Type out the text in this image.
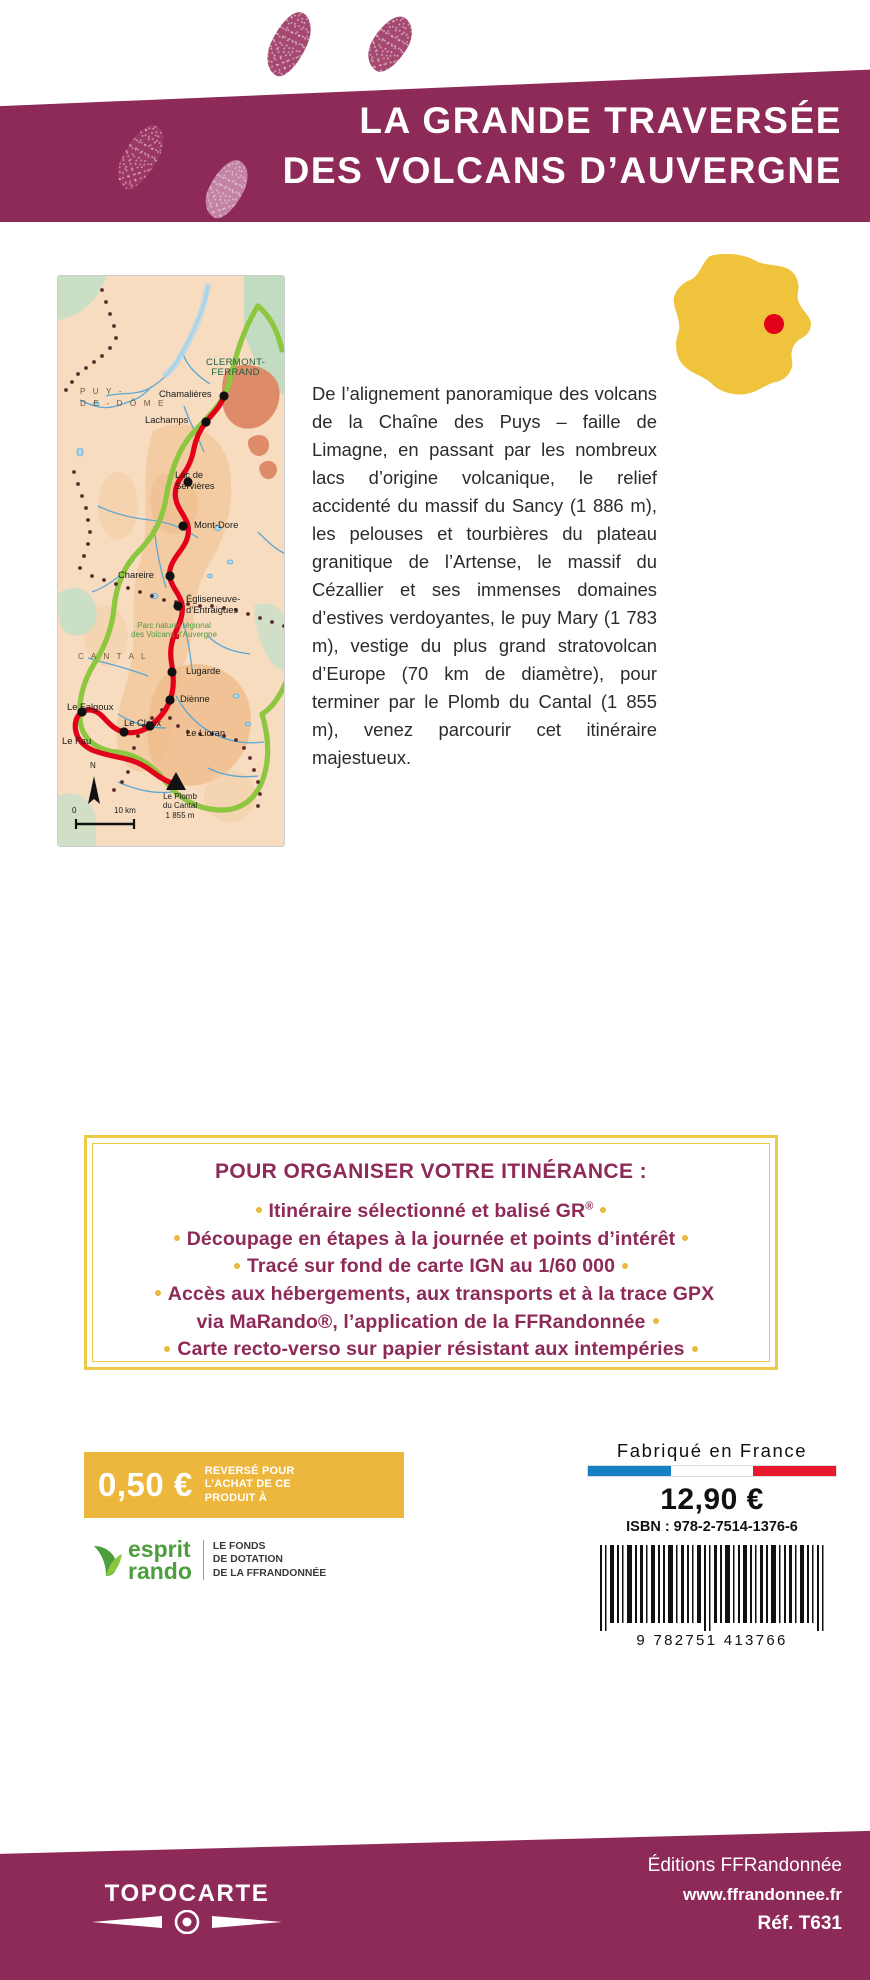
LA GRANDE TRAVERSÉE
DES VOLCANS D’AUVERGNE
CLERMONT-
FERRAND
Chamalières
Lachamps
Lac de
Servières
Mont-Dore
Chareire
Égliseneuve-
d’Entraigues
Lugarde
Le Falgoux
Diènne
Le Claux
Le Fau
Le Lioran
P U Y -
D E - D Ô M E
C A N T A L
Parc naturel régional
des Volcans d’Auvergne
Le Plomb
du Cantal
1 855 m
N
0	10 km
De l’alignement panoramique des volcans de la Chaîne des Puys – faille de Limagne, en passant par les nombreux lacs d’origine volcanique, le relief accidenté du massif du Sancy (1 886 m), les pelouses et tourbières du plateau granitique de l’Artense, le massif du Cézallier et ses immenses domaines d’estives verdoyantes, le puy Mary (1 783 m), vestige du plus grand stratovolcan d’Europe (70 km de diamètre), pour terminer par le Plomb du Cantal (1 855 m), venez parcourir cet itinéraire majestueux.
POUR ORGANISER VOTRE ITINÉRANCE :
Itinéraire sélectionné et balisé GR®
Découpage en étapes à la journée et points d’intérêt
Tracé sur fond de carte IGN au 1/60 000
Accès aux hébergements, aux transports et à la trace GPX
via MaRando®, l’application de la FFRandonnée
Carte recto-verso sur papier résistant aux intempéries
0,50 €	REVERSÉ POUR
L’ACHAT DE CE
PRODUIT À
esprit
rando
LE FONDS
DE DOTATION
DE LA FFRANDONNÉE
Fabriqué en France
12,90 €
ISBN : 978-2-7514-1376-6
9 782751 413766
TOPOCARTE
Éditions FFRandonnée
www.ffrandonnee.fr
Réf. T631
